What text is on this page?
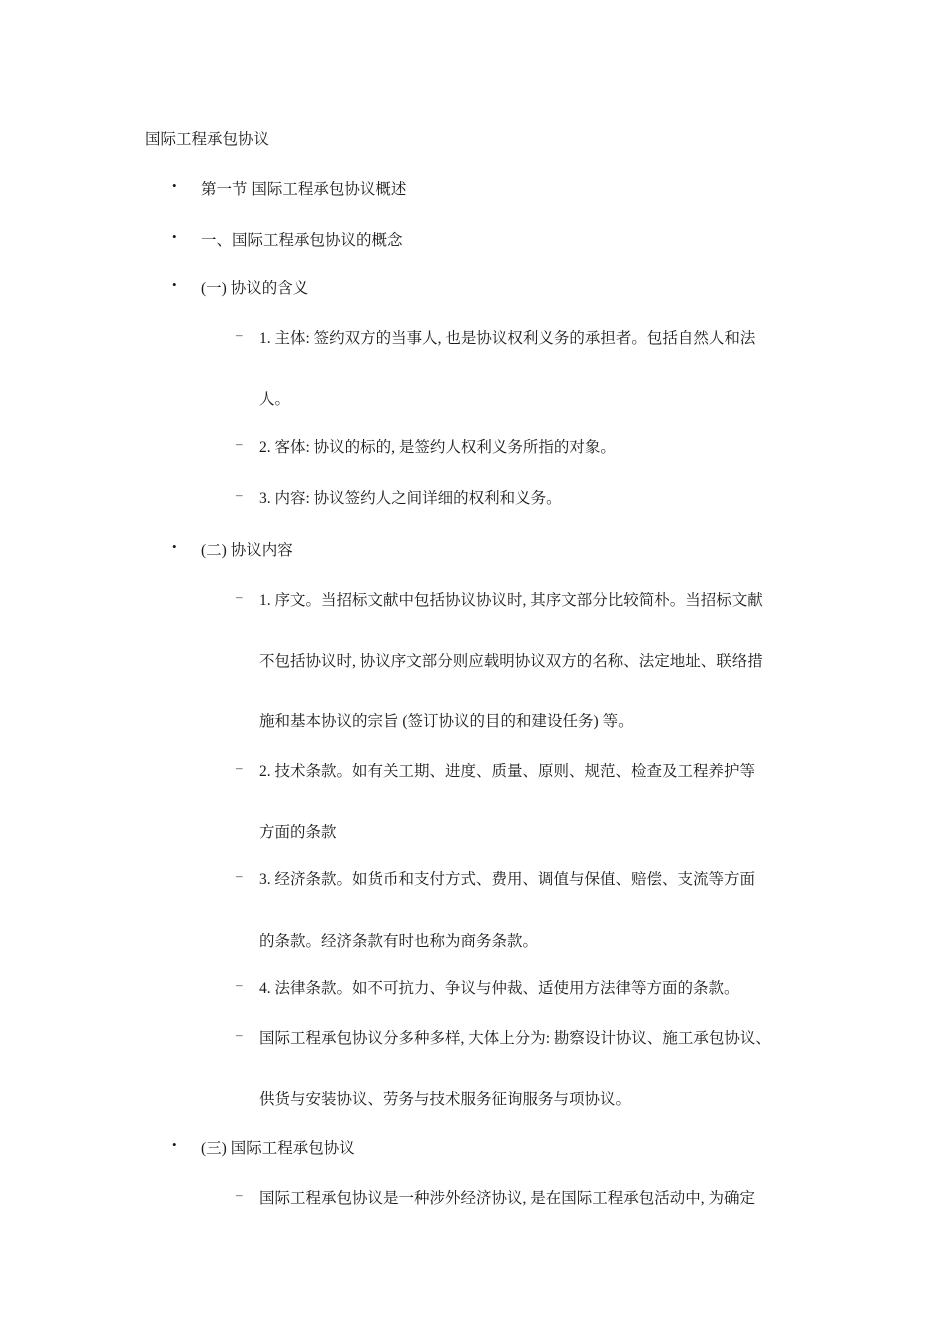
国际工程承包协议
• 第一节 国际工程承包协议概述
• 一、国际工程承包协议的概念
• (一) 协议的含义
– 1. 主体: 签约双方的当事人, 也是协议权利义务的承担者。包括自然人和法
人。
– 2. 客体: 协议的标的, 是签约人权利义务所指的对象。
– 3. 内容: 协议签约人之间详细的权利和义务。
• (二) 协议内容
– 1. 序文。当招标文献中包括协议协议时, 其序文部分比较简朴。当招标文献
不包括协议时, 协议序文部分则应载明协议双方的名称、法定地址、联络措
施和基本协议的宗旨 (签订协议的目的和建设任务) 等。
– 2. 技术条款。如有关工期、进度、质量、原则、规范、检查及工程养护等
方面的条款
– 3. 经济条款。如货币和支付方式、费用、调值与保值、赔偿、支流等方面
的条款。经济条款有时也称为商务条款。
– 4. 法律条款。如不可抗力、争议与仲裁、适使用方法律等方面的条款。
– 国际工程承包协议分多种多样, 大体上分为: 勘察设计协议、施工承包协议、
供货与安装协议、劳务与技术服务征询服务与项协议。
• (三) 国际工程承包协议
– 国际工程承包协议是一种涉外经济协议, 是在国际工程承包活动中, 为确定
